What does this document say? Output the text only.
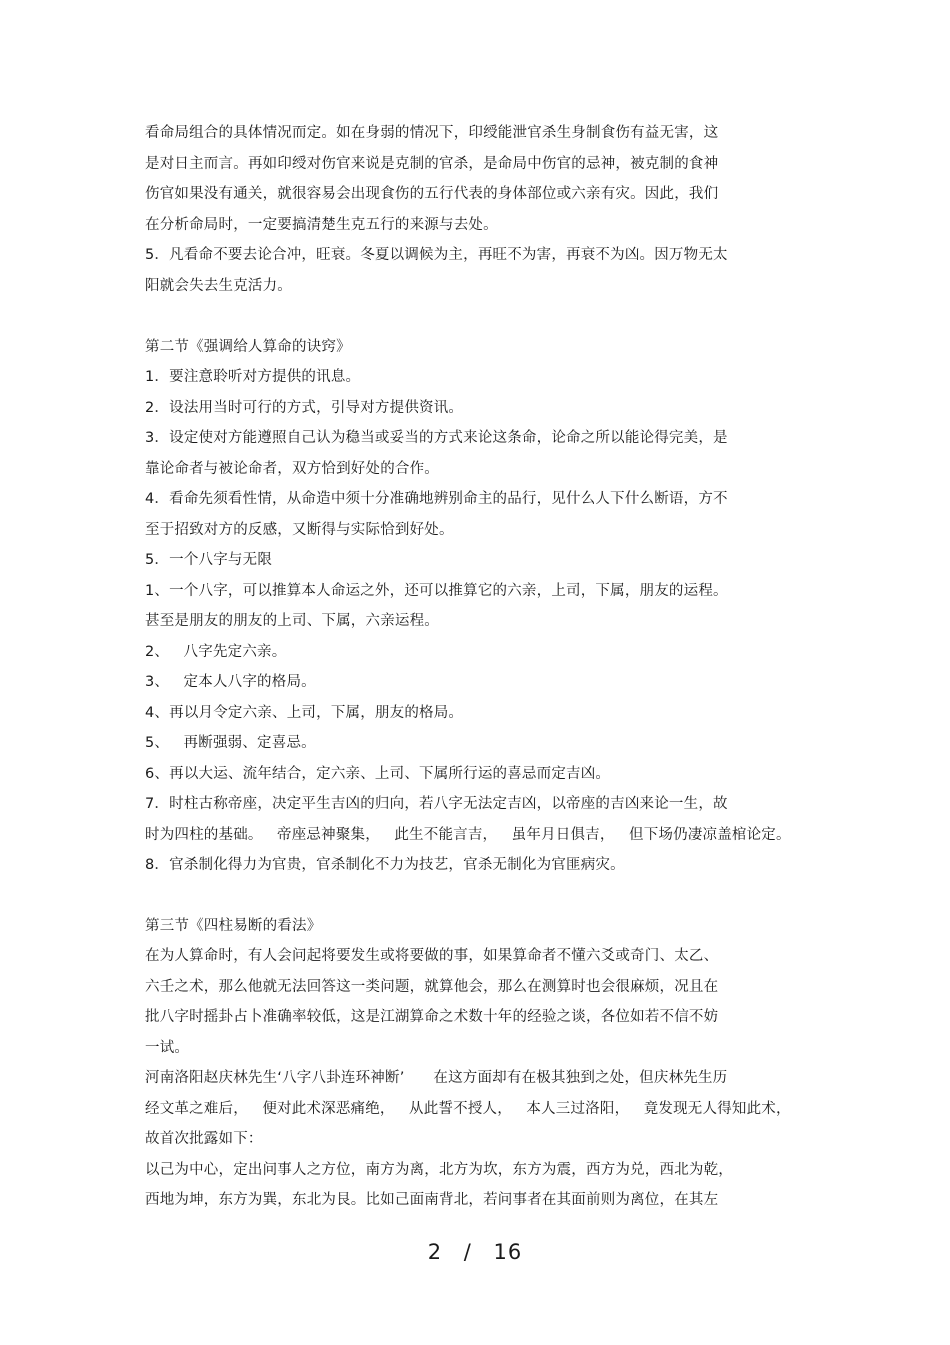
看命局组合的具体情况而定。如在身弱的情况下，印绶能泄官杀生身制食伤有益无害，这
是对日主而言。再如印绶对伤官来说是克制的官杀，是命局中伤官的忌神，被克制的食神
伤官如果没有通关，就很容易会出现食伤的五行代表的身体部位或六亲有灾。因此，我们
在分析命局时，一定要搞清楚生克五行的来源与去处。
5．凡看命不要去论合冲，旺衰。冬夏以调候为主，再旺不为害，再衰不为凶。因万物无太
阳就会失去生克活力。
第二节《强调给人算命的诀窍》
1．要注意聆听对方提供的讯息。
2．设法用当时可行的方式，引导对方提供资讯。
3．设定使对方能遵照自己认为稳当或妥当的方式来论这条命，论命之所以能论得完美，是
靠论命者与被论命者，双方恰到好处的合作。
4．看命先须看性情，从命造中须十分准确地辨别命主的品行，见什么人下什么断语，方不
至于招致对方的反感，又断得与实际恰到好处。
5．一个八字与无限
1、一个八字，可以推算本人命运之外，还可以推算它的六亲，上司，下属，朋友的运程。
甚至是朋友的朋友的上司、下属，六亲运程。
2、   八字先定六亲。
3、   定本人八字的格局。
4、再以月令定六亲、上司，下属，朋友的格局。
5、   再断强弱、定喜忌。
6、再以大运、流年结合，定六亲、上司、下属所行运的喜忌而定吉凶。
7．时柱古称帝座，决定平生吉凶的归向，若八字无法定吉凶，以帝座的吉凶来论一生，故
时为四柱的基础。   帝座忌神聚集，   此生不能言吉，   虽年月日俱吉，   但下场仍凄凉盖棺论定。
8．官杀制化得力为官贵，官杀制化不力为技艺，官杀无制化为官匪病灾。
第三节《四柱易断的看法》
在为人算命时，有人会问起将要发生或将要做的事，如果算命者不懂六爻或奇门、太乙、
六壬之术，那么他就无法回答这一类问题，就算他会，那么在测算时也会很麻烦，况且在
批八字时摇卦占卜准确率较低，这是江湖算命之术数十年的经验之谈，各位如若不信不妨
一试。
河南洛阳赵庆林先生‘八字八卦连环神断’      在这方面却有在极其独到之处，但庆林先生历
经文革之难后，   便对此术深恶痛绝，   从此誓不授人，   本人三过洛阳，   竟发现无人得知此术，
故首次批露如下：
以己为中心，定出问事人之方位，南方为离，北方为坎，东方为震，西方为兑，西北为乾，
西地为坤，东方为巽，东北为艮。比如己面南背北，若问事者在其面前则为离位，在其左
2 / 16
